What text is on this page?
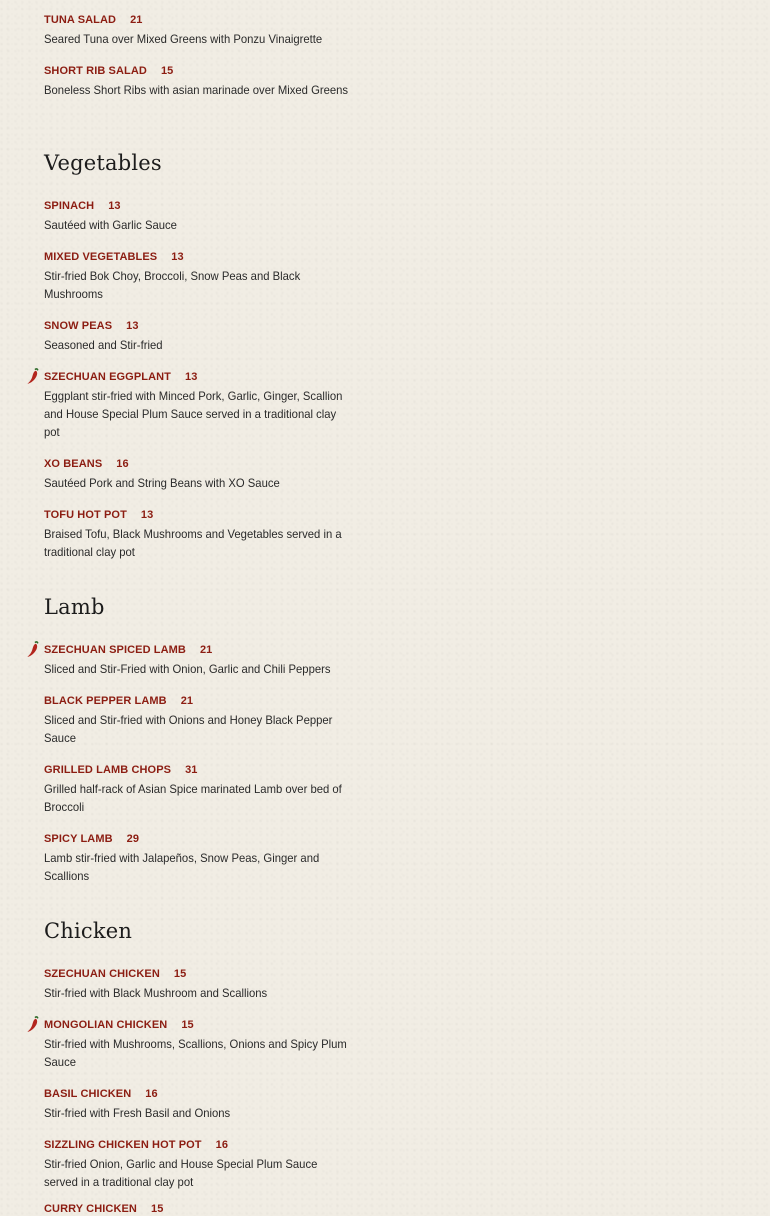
TUNA SALAD 21
Seared Tuna over Mixed Greens with Ponzu Vinaigrette
SHORT RIB SALAD 15
Boneless Short Ribs with asian marinade over Mixed Greens
Vegetables
SPINACH 13
Sautéed with Garlic Sauce
MIXED VEGETABLES 13
Stir-fried Bok Choy, Broccoli, Snow Peas and Black Mushrooms
SNOW PEAS 13
Seasoned and Stir-fried
SZECHUAN EGGPLANT 13
Eggplant stir-fried with Minced Pork, Garlic, Ginger, Scallion and House Special Plum Sauce served in a traditional clay pot
XO BEANS 16
Sautéed Pork and String Beans with XO Sauce
TOFU HOT POT 13
Braised Tofu, Black Mushrooms and Vegetables served in a traditional clay pot
Lamb
SZECHUAN SPICED LAMB 21
Sliced and Stir-Fried with Onion, Garlic and Chili Peppers
BLACK PEPPER LAMB 21
Sliced and Stir-fried with Onions and Honey Black Pepper Sauce
GRILLED LAMB CHOPS 31
Grilled half-rack of Asian Spice marinated Lamb over bed of Broccoli
SPICY LAMB 29
Lamb stir-fried with Jalapeños, Snow Peas, Ginger and Scallions
Chicken
SZECHUAN CHICKEN 15
Stir-fried with Black Mushroom and Scallions
MONGOLIAN CHICKEN 15
Stir-fried with Mushrooms, Scallions, Onions and Spicy Plum Sauce
BASIL CHICKEN 16
Stir-fried with Fresh Basil and Onions
SIZZLING CHICKEN HOT POT 16
Stir-fried Onion, Garlic and House Special Plum Sauce served in a traditional clay pot
CURRY CHICKEN 15
